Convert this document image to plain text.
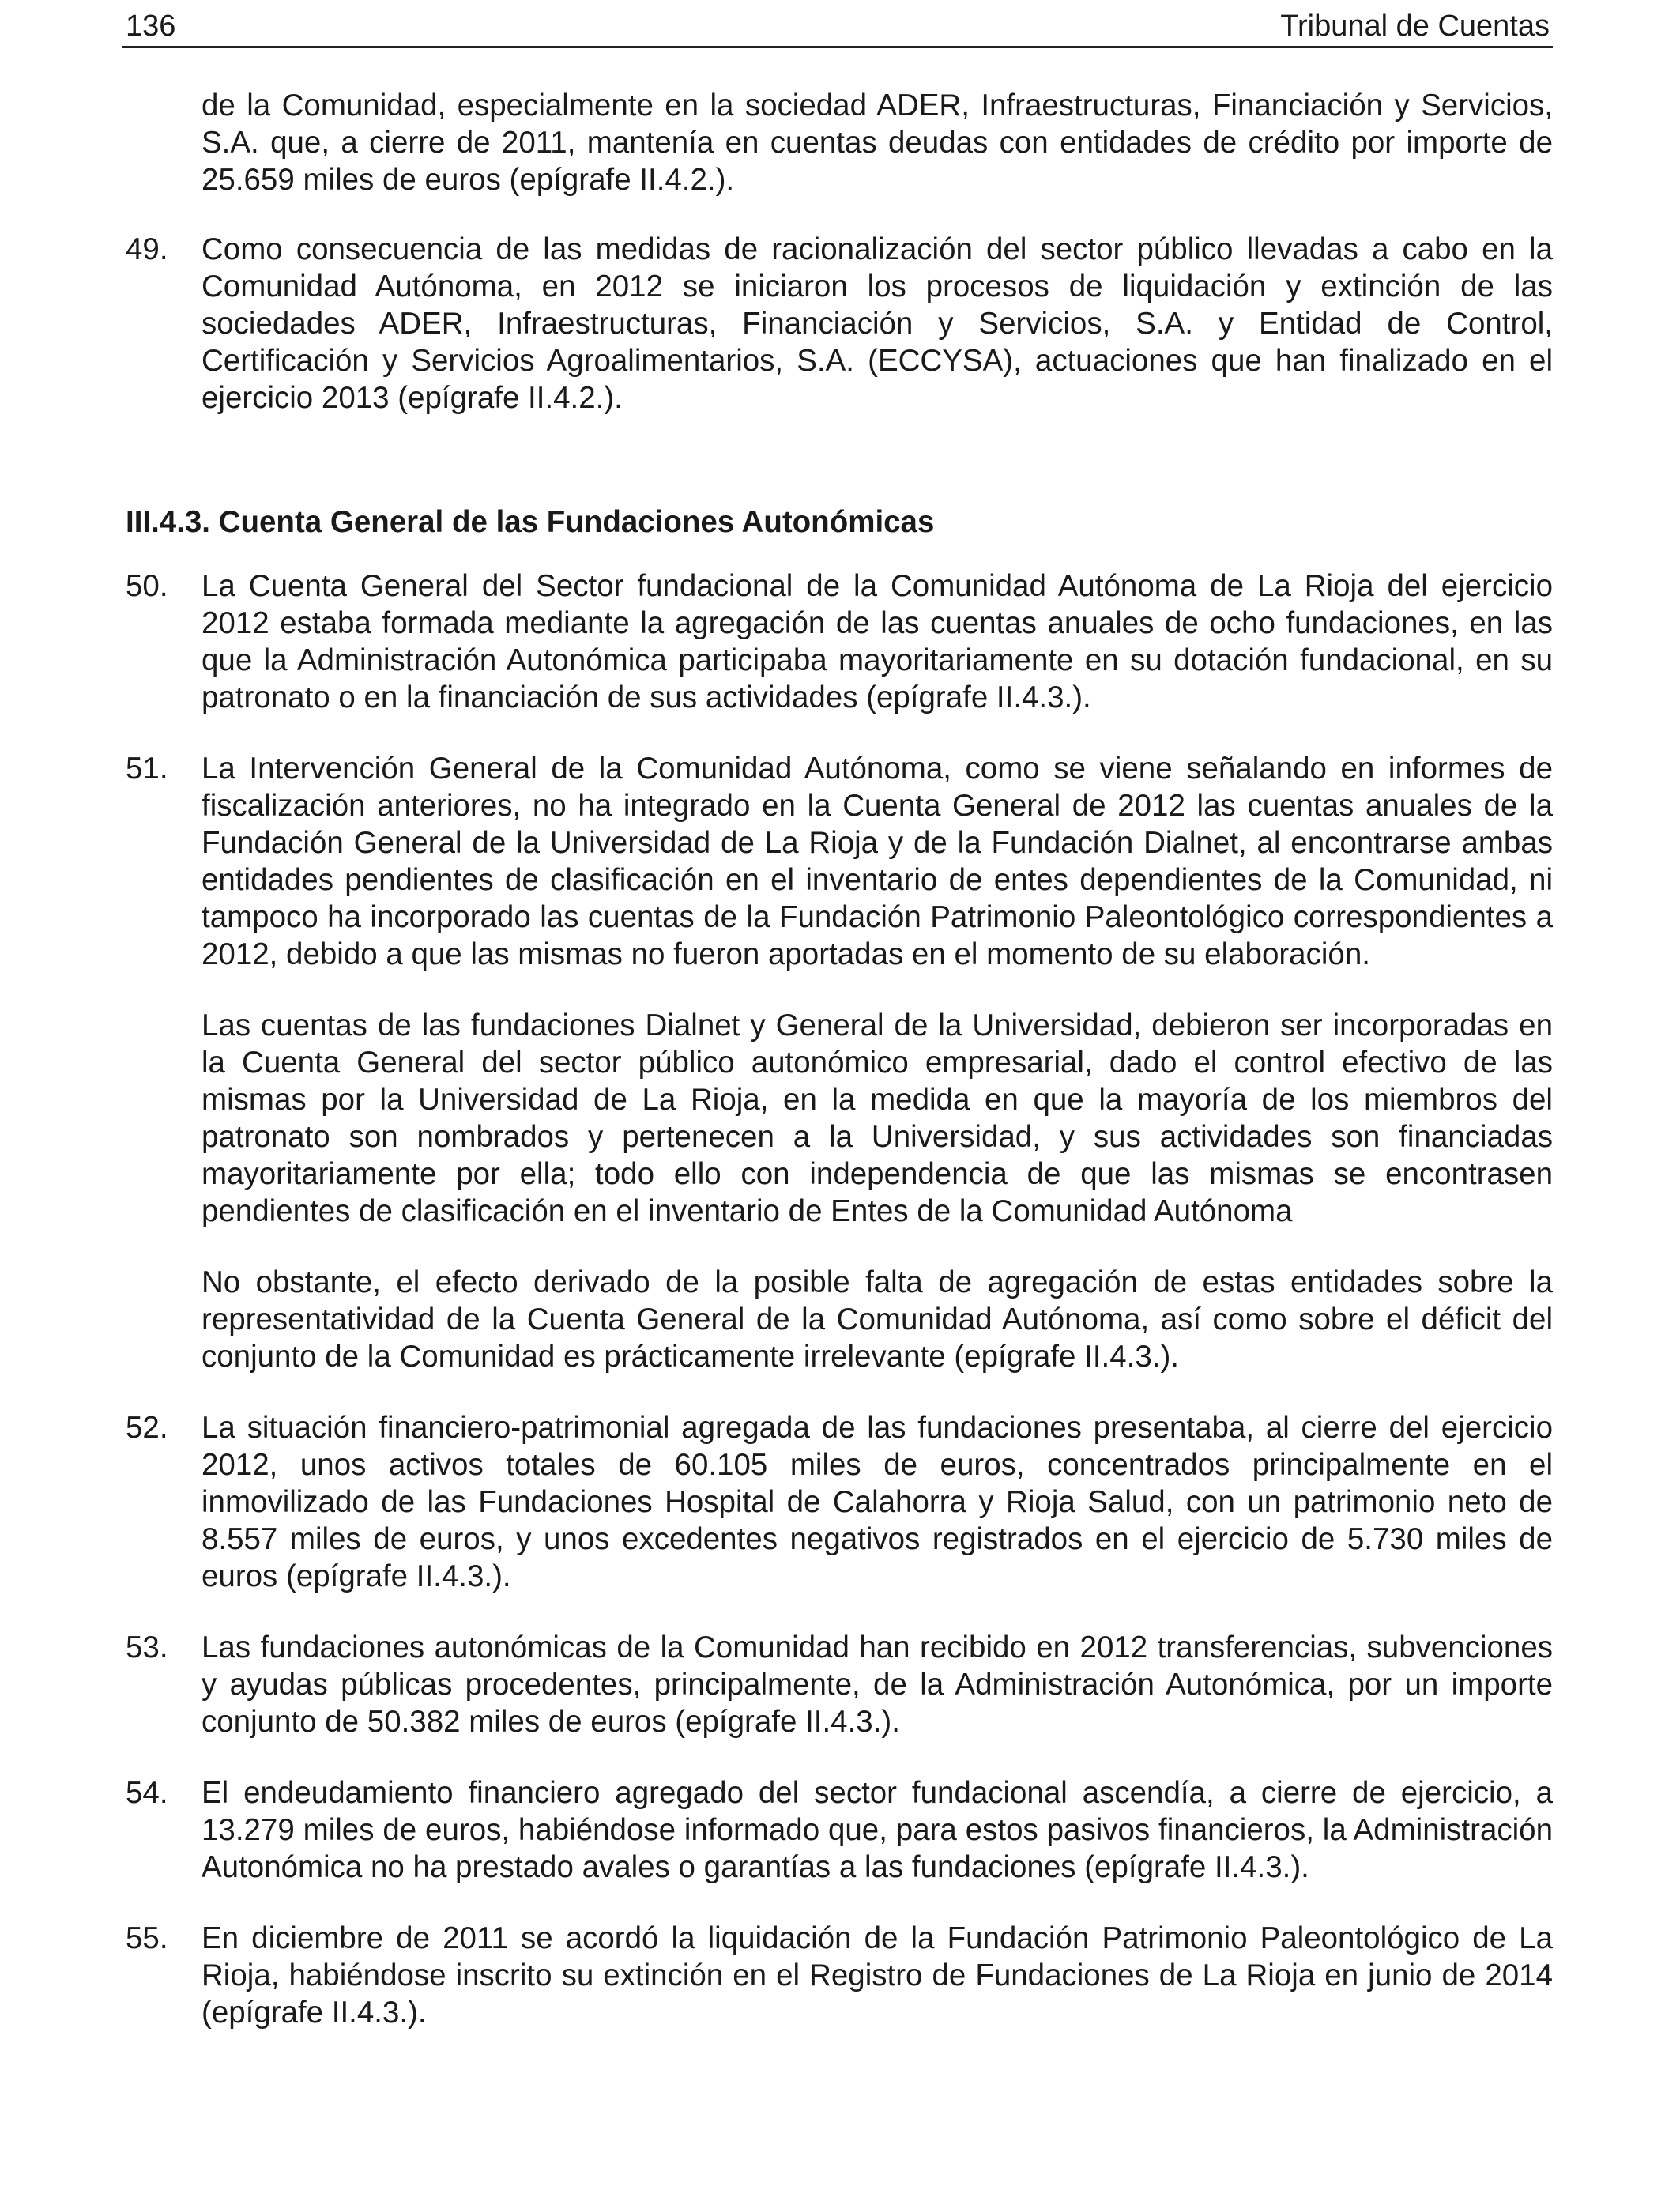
136	Tribunal de Cuentas

de la Comunidad, especialmente en la sociedad ADER, Infraestructuras, Financiación y Servicios, S.A. que, a cierre de 2011, mantenía en cuentas deudas con entidades de crédito por importe de 25.659 miles de euros (epígrafe II.4.2.).

49. Como consecuencia de las medidas de racionalización del sector público llevadas a cabo en la Comunidad Autónoma, en 2012 se iniciaron los procesos de liquidación y extinción de las sociedades ADER, Infraestructuras, Financiación y Servicios, S.A. y Entidad de Control, Certificación y Servicios Agroalimentarios, S.A. (ECCYSA), actuaciones que han finalizado en el ejercicio 2013 (epígrafe II.4.2.).

III.4.3. Cuenta General de las Fundaciones Autonómicas

50. La Cuenta General del Sector fundacional de la Comunidad Autónoma de La Rioja del ejercicio 2012 estaba formada mediante la agregación de las cuentas anuales de ocho fundaciones, en las que la Administración Autonómica participaba mayoritariamente en su dotación fundacional, en su patronato o en la financiación de sus actividades (epígrafe II.4.3.).

51. La Intervención General de la Comunidad Autónoma, como se viene señalando en informes de fiscalización anteriores, no ha integrado en la Cuenta General de 2012 las cuentas anuales de la Fundación General de la Universidad de La Rioja y de la Fundación Dialnet, al encontrarse ambas entidades pendientes de clasificación en el inventario de entes dependientes de la Comunidad, ni tampoco ha incorporado las cuentas de la Fundación Patrimonio Paleontológico correspondientes a 2012, debido a que las mismas no fueron aportadas en el momento de su elaboración.

Las cuentas de las fundaciones Dialnet y General de la Universidad, debieron ser incorporadas en la Cuenta General del sector público autonómico empresarial, dado el control efectivo de las mismas por la Universidad de La Rioja, en la medida en que la mayoría de los miembros del patronato son nombrados y pertenecen a la Universidad, y sus actividades son financiadas mayoritariamente por ella; todo ello con independencia de que las mismas se encontrasen pendientes de clasificación en el inventario de Entes de la Comunidad Autónoma

No obstante, el efecto derivado de la posible falta de agregación de estas entidades sobre la representatividad de la Cuenta General de la Comunidad Autónoma, así como sobre el déficit del conjunto de la Comunidad es prácticamente irrelevante (epígrafe II.4.3.).

52. La situación financiero-patrimonial agregada de las fundaciones presentaba, al cierre del ejercicio 2012, unos activos totales de 60.105 miles de euros, concentrados principalmente en el inmovilizado de las Fundaciones Hospital de Calahorra y Rioja Salud, con un patrimonio neto de 8.557 miles de euros, y unos excedentes negativos registrados en el ejercicio de 5.730 miles de euros (epígrafe II.4.3.).

53. Las fundaciones autonómicas de la Comunidad han recibido en 2012 transferencias, subvenciones y ayudas públicas procedentes, principalmente, de la Administración Autonómica, por un importe conjunto de 50.382 miles de euros (epígrafe II.4.3.).

54. El endeudamiento financiero agregado del sector fundacional ascendía, a cierre de ejercicio, a 13.279 miles de euros, habiéndose informado que, para estos pasivos financieros, la Administración Autonómica no ha prestado avales o garantías a las fundaciones (epígrafe II.4.3.).

55. En diciembre de 2011 se acordó la liquidación de la Fundación Patrimonio Paleontológico de La Rioja, habiéndose inscrito su extinción en el Registro de Fundaciones de La Rioja en junio de 2014 (epígrafe II.4.3.).
